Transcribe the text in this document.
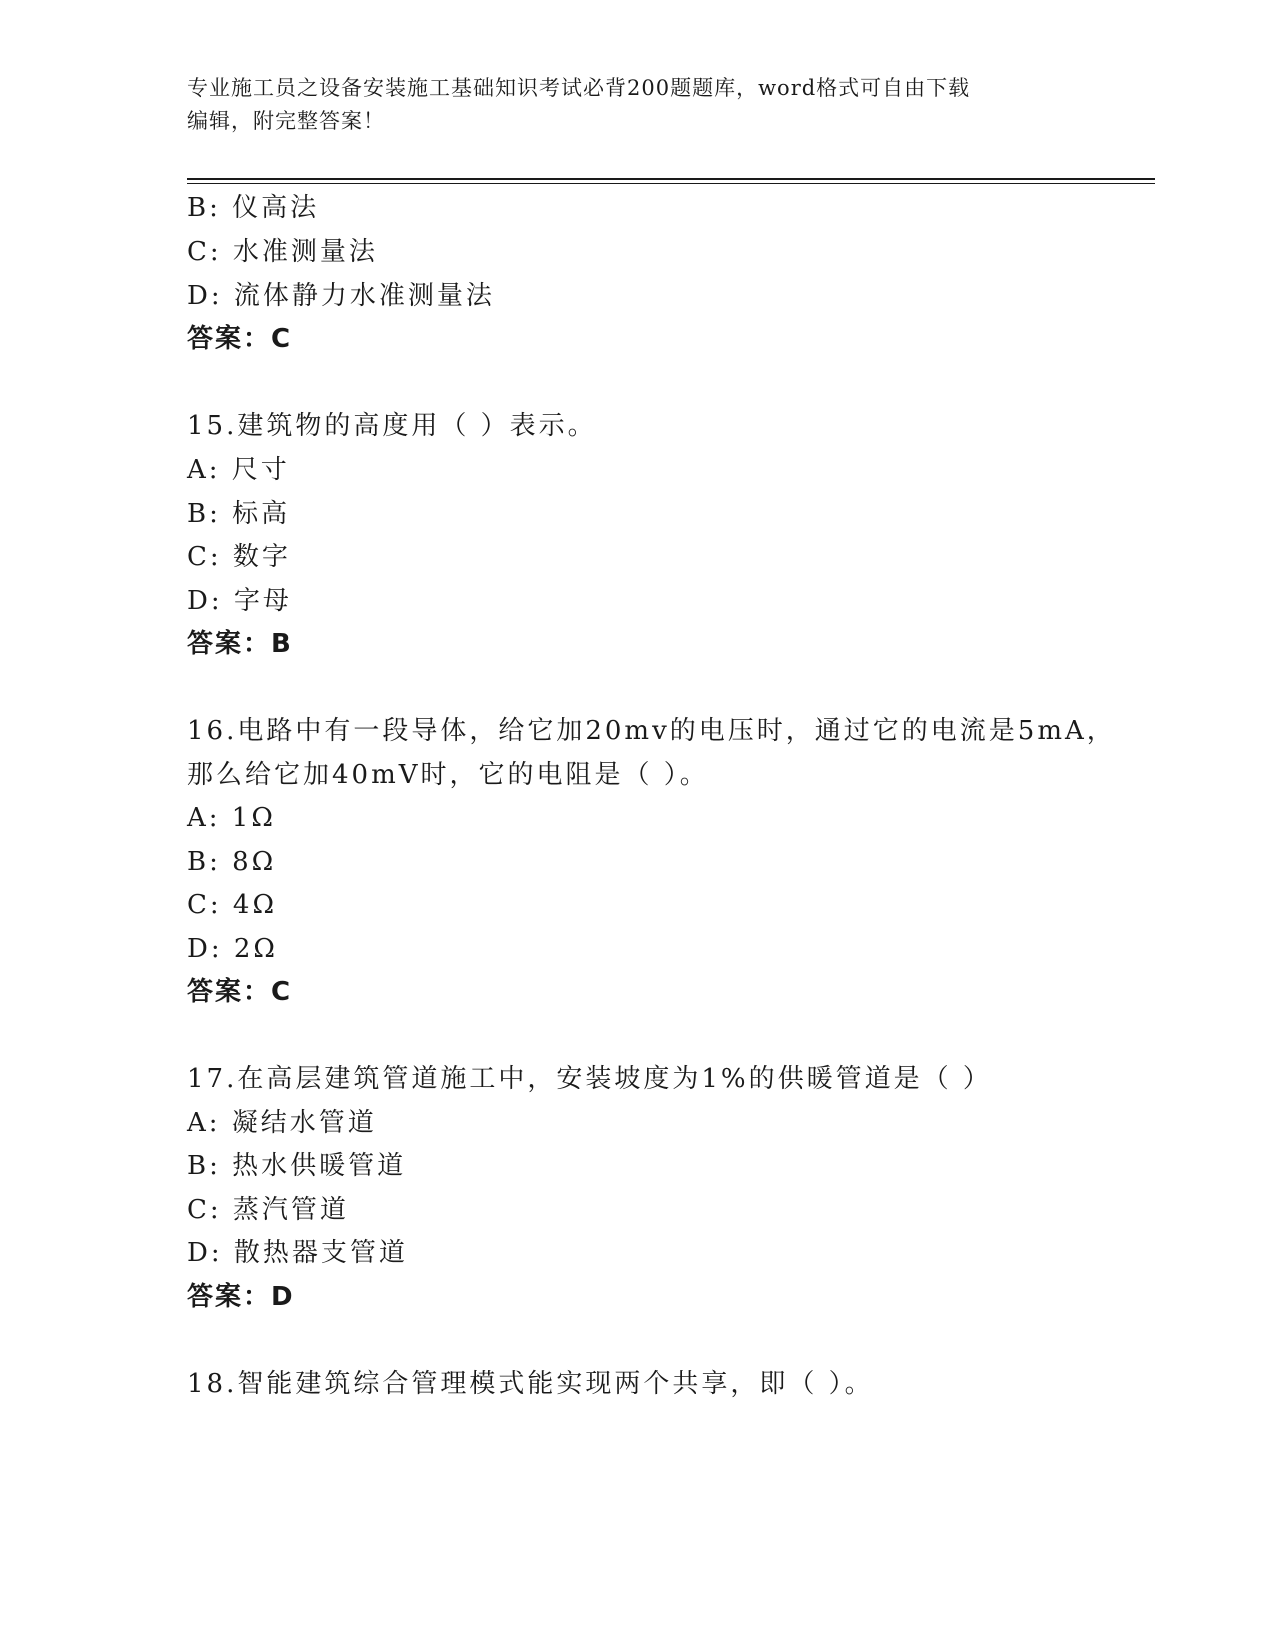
专业施工员之设备安装施工基础知识考试必背200题题库，word格式可自由下载
编辑，附完整答案！
B: 仪高法
C: 水准测量法
D: 流体静力水准测量法
答案：C
15.建筑物的高度用（ ）表示。
A: 尺寸
B: 标高
C: 数字
D: 字母
答案：B
16.电路中有一段导体，给它加20mv的电压时，通过它的电流是5mA，
那么给它加40mV时，它的电阻是（ ）。
A: 1Ω
B: 8Ω
C: 4Ω
D: 2Ω
答案：C
17.在高层建筑管道施工中，安装坡度为1%的供暖管道是（ ）
A: 凝结水管道
B: 热水供暖管道
C: 蒸汽管道
D: 散热器支管道
答案：D
18.智能建筑综合管理模式能实现两个共享，即（ ）。
